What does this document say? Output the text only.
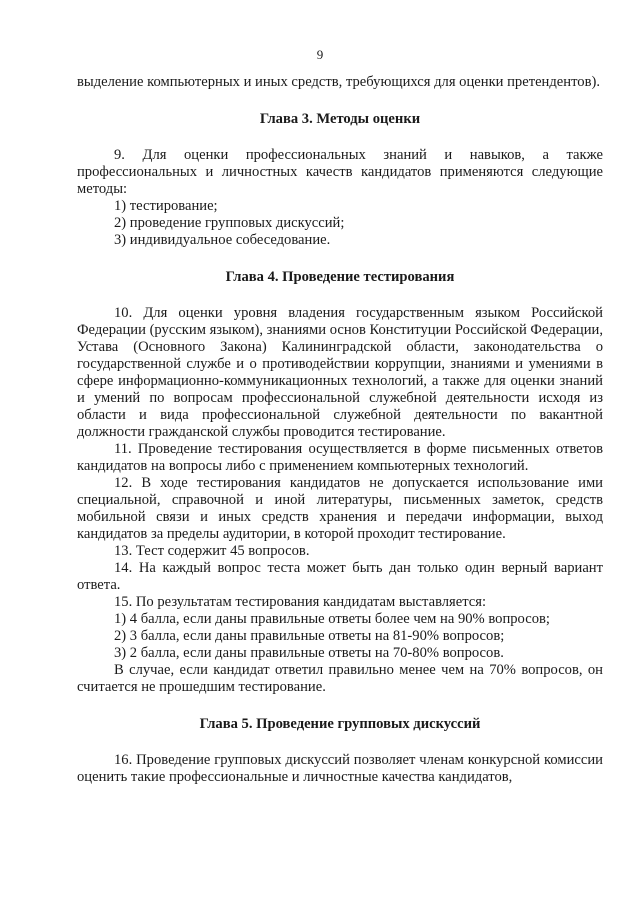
9

выделение компьютерных и иных средств, требующихся для оценки претендентов).

Глава 3. Методы оценки

9. Для оценки профессиональных знаний и навыков, а также профессиональных и личностных качеств кандидатов применяются следующие методы:

1) тестирование;

2) проведение групповых дискуссий;

3) индивидуальное собеседование.

Глава 4. Проведение тестирования

10. Для оценки уровня владения государственным языком Российской Федерации (русским языком), знаниями основ Конституции Российской Федерации, Устава (Основного Закона) Калининградской области, законодательства о государственной службе и о противодействии коррупции, знаниями и умениями в сфере информационно-коммуникационных технологий, а также для оценки знаний и умений по вопросам профессиональной служебной деятельности исходя из области и вида профессиональной служебной деятельности по вакантной должности гражданской службы проводится тестирование.

11. Проведение тестирования осуществляется в форме письменных ответов кандидатов на вопросы либо с применением компьютерных технологий.

12. В ходе тестирования кандидатов не допускается использование ими специальной, справочной и иной литературы, письменных заметок, средств мобильной связи и иных средств хранения и передачи информации, выход кандидатов за пределы аудитории, в которой проходит тестирование.

13. Тест содержит 45 вопросов.

14. На каждый вопрос теста может быть дан только один верный вариант ответа.

15. По результатам тестирования кандидатам выставляется:

1) 4 балла, если даны правильные ответы более чем на 90% вопросов;

2) 3 балла, если даны правильные ответы на 81-90% вопросов;

3) 2 балла, если даны правильные ответы на 70-80% вопросов.

В случае, если кандидат ответил правильно менее чем на 70% вопросов, он считается не прошедшим тестирование.

Глава 5. Проведение групповых дискуссий

16. Проведение групповых дискуссий позволяет членам конкурсной комиссии оценить такие профессиональные и личностные качества кандидатов,
